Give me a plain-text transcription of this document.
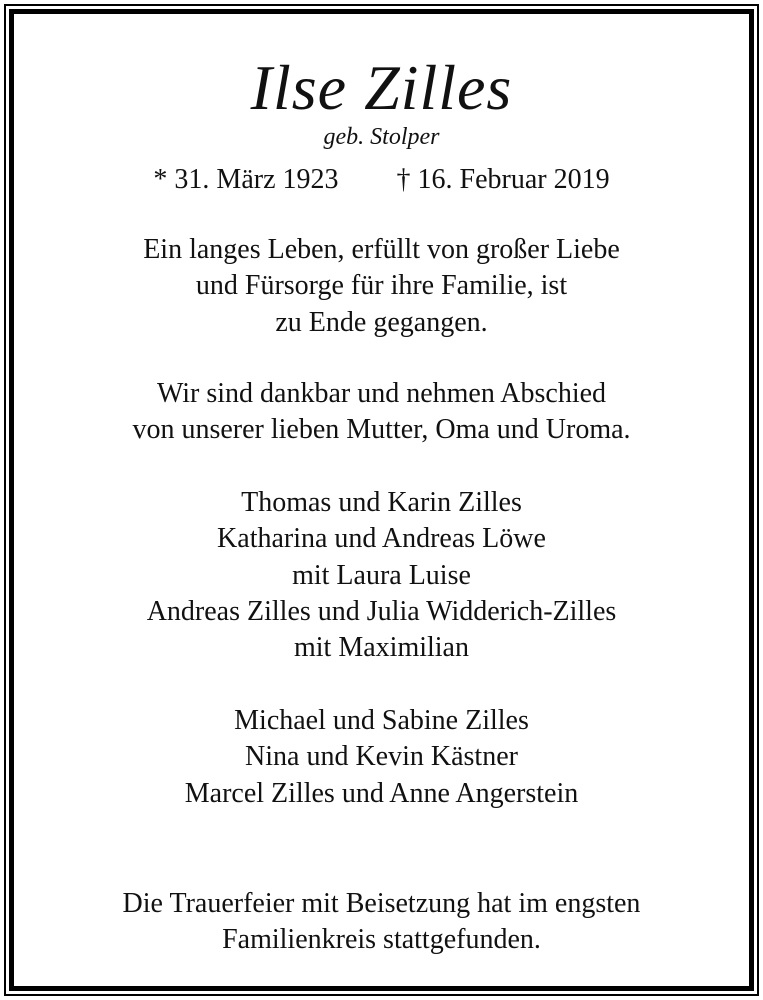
Ilse Zilles
geb. Stolper
* 31. März 1923 † 16. Februar 2019
Ein langes Leben, erfüllt von großer Liebe
und Fürsorge für ihre Familie, ist
zu Ende gegangen.
Wir sind dankbar und nehmen Abschied
von unserer lieben Mutter, Oma und Uroma.
Thomas und Karin Zilles
Katharina und Andreas Löwe
mit Laura Luise
Andreas Zilles und Julia Widderich-Zilles
mit Maximilian
Michael und Sabine Zilles
Nina und Kevin Kästner
Marcel Zilles und Anne Angerstein
Die Trauerfeier mit Beisetzung hat im engsten
Familienkreis stattgefunden.
